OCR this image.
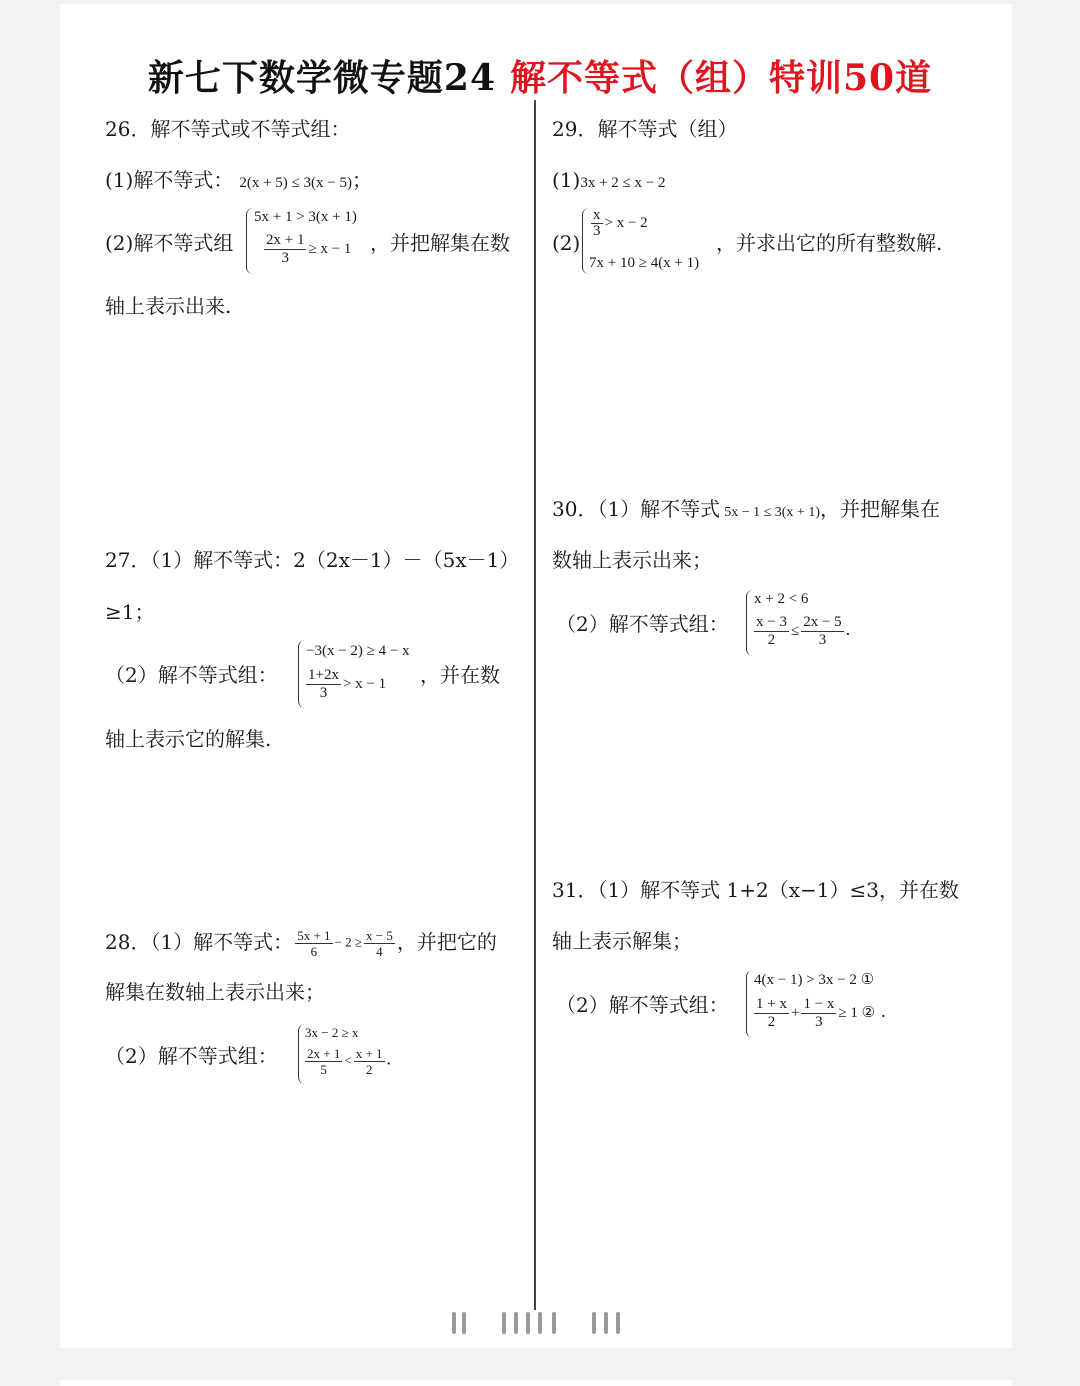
新七下数学微专题24 解不等式（组）特训50道
26．解不等式或不等式组：
(1)解不等式： 2(x + 5) ≤ 3(x − 5)；
(2)解不等式组
5x + 1 > 3(x + 1)
$\frac{2x + 1}{3} \ge x - 1$ ，并把解集在数
轴上表示出来.
27．（1）解不等式：2（2x－1）－（5x－1）
≥1；
（2）解不等式组：
−3(x − 2) ≥ 4 − x
$\frac{1+2x}{3} > x - 1$ ，并在数
轴上表示它的解集.
28．（1）解不等式： $\frac{5x + 1}{6} - 2 \ge \frac{x - 5}{4}$ ，并把它的
解集在数轴上表示出来；
（2）解不等式组：
3x − 2 ≥ x
$\frac{2x + 1}{5} < \frac{x + 1}{2}$ .
29．解不等式（组）
(1)3x + 2 ≤ x − 2
(2)
$\frac{x}{3} > x - 2$
7x + 10 ≥ 4(x + 1)
，并求出它的所有整数解.
30．（1）解不等式 5x − 1 ≤ 3(x + 1)，并把解集在
数轴上表示出来；
（2）解不等式组：
x + 2 < 6
$\frac{x - 3}{2} \le \frac{2x - 5}{3}$ .
31．（1）解不等式 1+2（x−1）≤3，并在数
轴上表示解集；
（2）解不等式组：
4(x − 1) > 3x − 2 ①
$\frac{1 + x}{2} + \frac{1 - x}{3} \ge 1$ ② .
